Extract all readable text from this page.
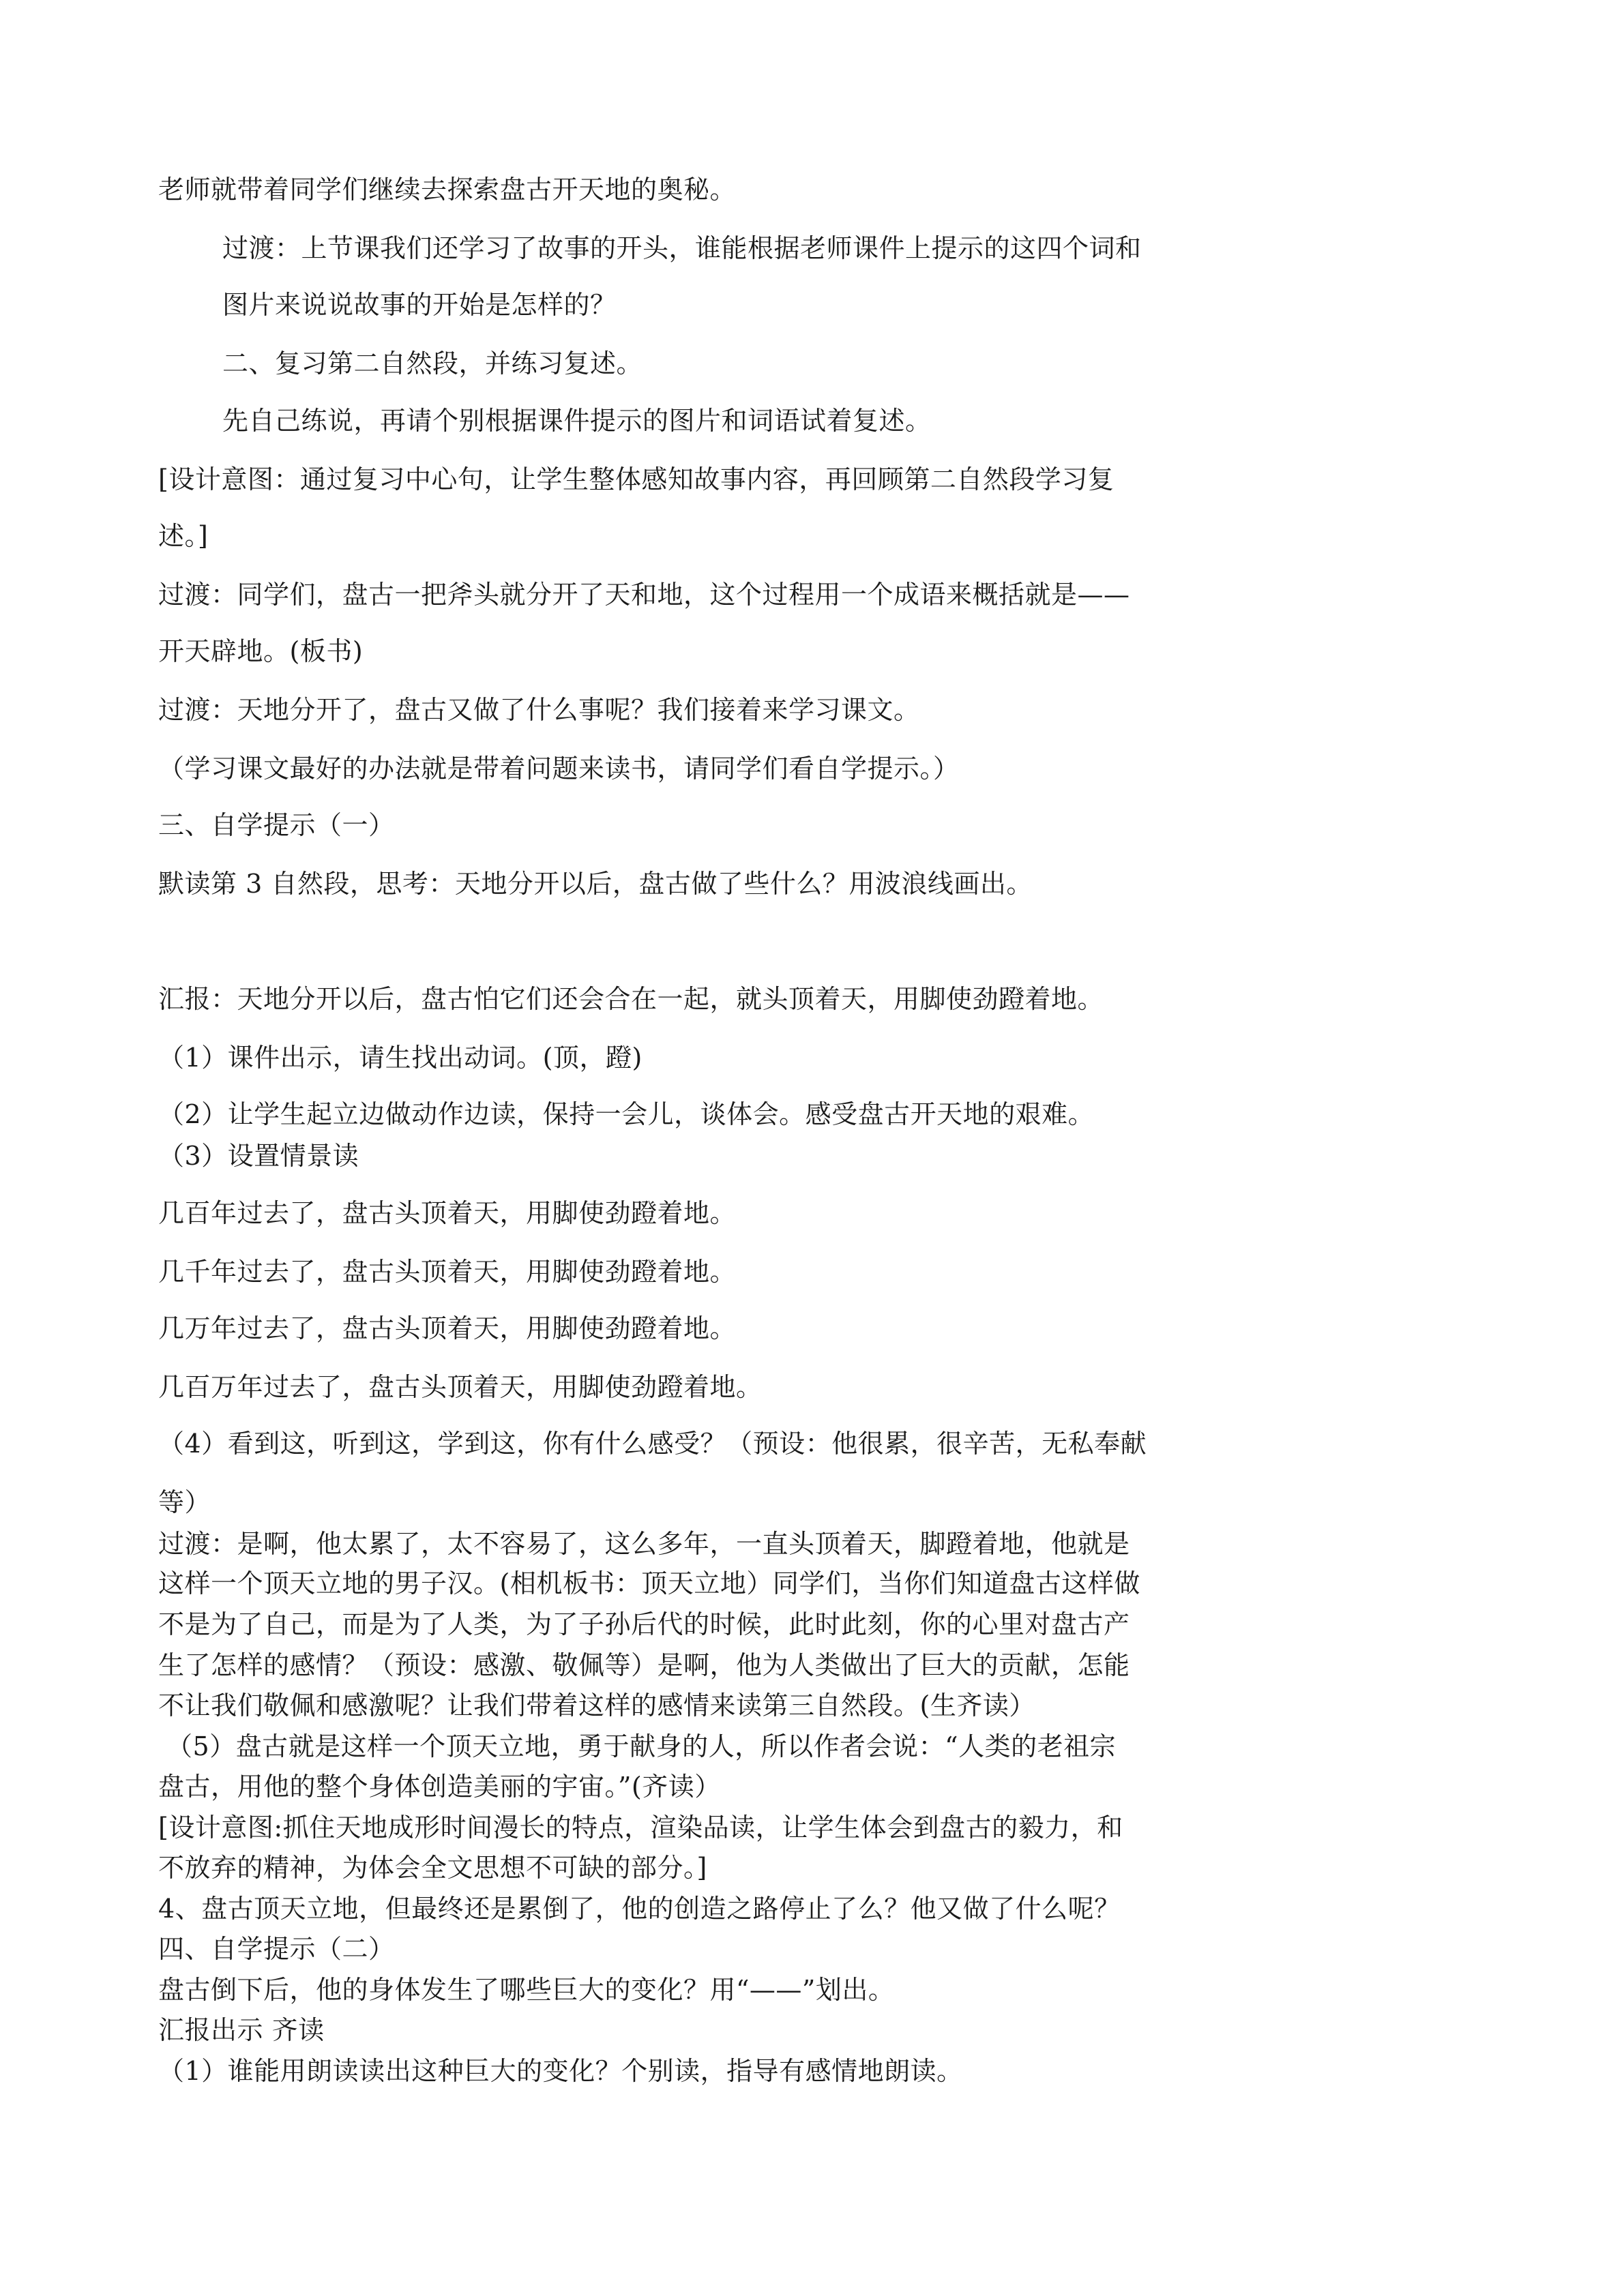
老师就带着同学们继续去探索盘古开天地的奥秘。
过渡：上节课我们还学习了故事的开头，谁能根据老师课件上提示的这四个词和
图片来说说故事的开始是怎样的？
二、复习第二自然段，并练习复述。
先自己练说，再请个别根据课件提示的图片和词语试着复述。
[设计意图：通过复习中心句，让学生整体感知故事内容，再回顾第二自然段学习复
述。]
过渡：同学们，盘古一把斧头就分开了天和地，这个过程用一个成语来概括就是——
开天辟地。(板书)
过渡：天地分开了，盘古又做了什么事呢？我们接着来学习课文。
（学习课文最好的办法就是带着问题来读书，请同学们看自学提示。）
三、自学提示（一）
默读第 3 自然段，思考：天地分开以后，盘古做了些什么？用波浪线画出。
汇报：天地分开以后，盘古怕它们还会合在一起，就头顶着天，用脚使劲蹬着地。
（1）课件出示，请生找出动词。(顶，蹬)
（2）让学生起立边做动作边读，保持一会儿，谈体会。感受盘古开天地的艰难。
（3）设置情景读
几百年过去了，盘古头顶着天，用脚使劲蹬着地。
几千年过去了，盘古头顶着天，用脚使劲蹬着地。
几万年过去了，盘古头顶着天，用脚使劲蹬着地。
几百万年过去了，盘古头顶着天，用脚使劲蹬着地。
（4）看到这，听到这，学到这，你有什么感受？（预设：他很累，很辛苦，无私奉献
等）
过渡：是啊，他太累了，太不容易了，这么多年，一直头顶着天，脚蹬着地，他就是
这样一个顶天立地的男子汉。(相机板书：顶天立地）同学们，当你们知道盘古这样做
不是为了自己，而是为了人类，为了子孙后代的时候，此时此刻，你的心里对盘古产
生了怎样的感情？（预设：感激、敬佩等）是啊，他为人类做出了巨大的贡献，怎能
不让我们敬佩和感激呢？让我们带着这样的感情来读第三自然段。(生齐读）
（5）盘古就是这样一个顶天立地，勇于献身的人，所以作者会说：“人类的老祖宗
盘古，用他的整个身体创造美丽的宇宙。”(齐读）
[设计意图:抓住天地成形时间漫长的特点，渲染品读，让学生体会到盘古的毅力，和
不放弃的精神，为体会全文思想不可缺的部分。]
4、盘古顶天立地，但最终还是累倒了，他的创造之路停止了么？他又做了什么呢？
四、自学提示（二）
盘古倒下后，他的身体发生了哪些巨大的变化？用“——”划出。
汇报出示 齐读
（1）谁能用朗读读出这种巨大的变化？个别读，指导有感情地朗读。
